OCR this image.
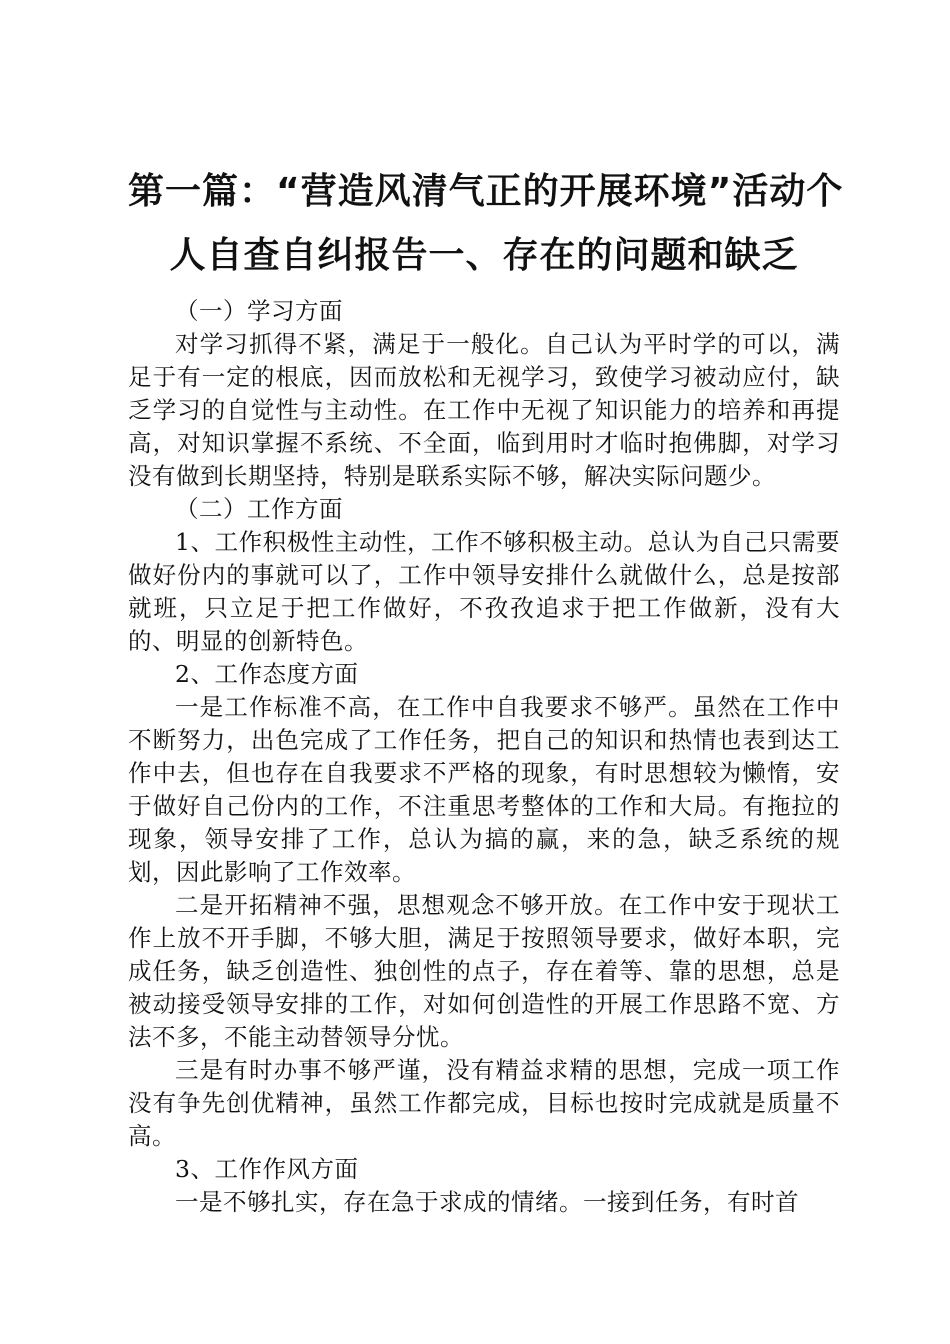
第一篇：“营造风清气正的开展环境”活动个
人自查自纠报告一、存在的问题和缺乏

（一）学习方面

对学习抓得不紧，满足于一般化。自己认为平时学的可以，满足于有一定的根底，因而放松和无视学习，致使学习被动应付，缺乏学习的自觉性与主动性。在工作中无视了知识能力的培养和再提高，对知识掌握不系统、不全面，临到用时才临时抱佛脚，对学习没有做到长期坚持，特别是联系实际不够，解决实际问题少。

（二）工作方面

1、工作积极性主动性，工作不够积极主动。总认为自己只需要做好份内的事就可以了，工作中领导安排什么就做什么，总是按部就班，只立足于把工作做好，不孜孜追求于把工作做新，没有大的、明显的创新特色。

2、工作态度方面

一是工作标准不高，在工作中自我要求不够严。虽然在工作中不断努力，出色完成了工作任务，把自己的知识和热情也表到达工作中去，但也存在自我要求不严格的现象，有时思想较为懒惰，安于做好自己份内的工作，不注重思考整体的工作和大局。有拖拉的现象，领导安排了工作，总认为搞的赢，来的急，缺乏系统的规划，因此影响了工作效率。

二是开拓精神不强，思想观念不够开放。在工作中安于现状工作上放不开手脚，不够大胆，满足于按照领导要求，做好本职，完成任务，缺乏创造性、独创性的点子，存在着等、靠的思想，总是被动接受领导安排的工作，对如何创造性的开展工作思路不宽、方法不多，不能主动替领导分忧。

三是有时办事不够严谨，没有精益求精的思想，完成一项工作没有争先创优精神，虽然工作都完成，目标也按时完成就是质量不高。

3、工作作风方面

一是不够扎实，存在急于求成的情绪。一接到任务，有时首
